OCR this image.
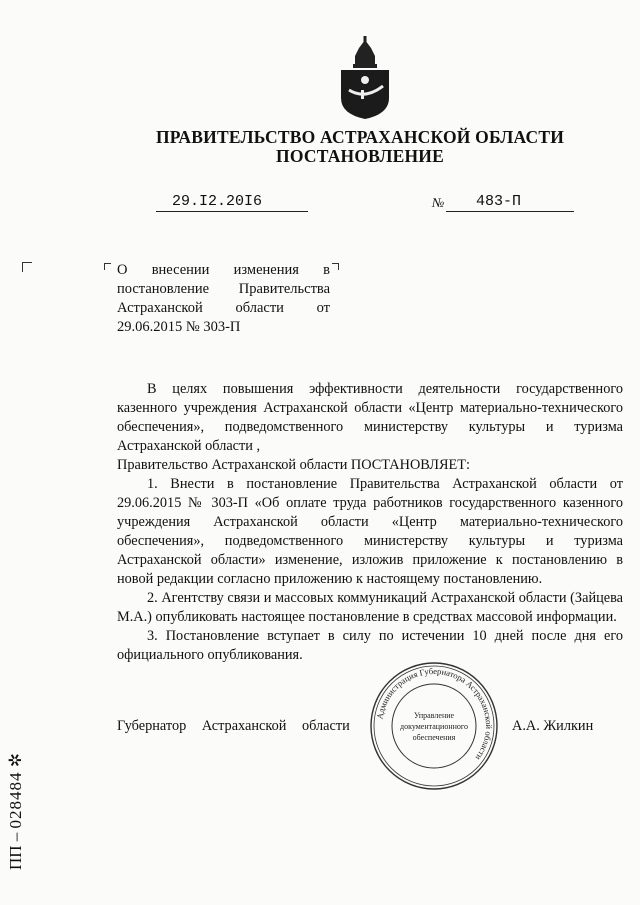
ПРАВИТЕЛЬСТВО АСТРАХАНСКОЙ ОБЛАСТИ
ПОСТАНОВЛЕНИЕ
29.I2.20I6	№ 483-П
О внесении изменения в
постановление Правительства
Астраханской области от
29.06.2015 № 303-П

В целях повышения эффективности деятельности государственного казенного учреждения Астраханской области «Центр материально-технического обеспечения», подведомственного министерству культуры и туризма Астраханской области ,

Правительство Астраханской области ПОСТАНОВЛЯЕТ:

1. Внести в постановление Правительства Астраханской области от 29.06.2015 № 303-П «Об оплате труда работников государственного казенного учреждения Астраханской области «Центр материально-технического обеспечения», подведомственного министерству культуры и туризма Астраханской области» изменение, изложив приложение к постановлению в новой редакции согласно приложению к настоящему постановлению.

2. Агентству связи и массовых коммуникаций Астраханской области (Зайцева М.А.) опубликовать настоящее постановление в средствах массовой информации.

3. Постановление вступает в силу по истечении 10 дней после дня его официального опубликования.

Администрация Губернатора Астраханской области
Управление
документационного
обеспечения
Губернатор Астраханской области	А.А. Жилкин
ПП – 028484 ✲
